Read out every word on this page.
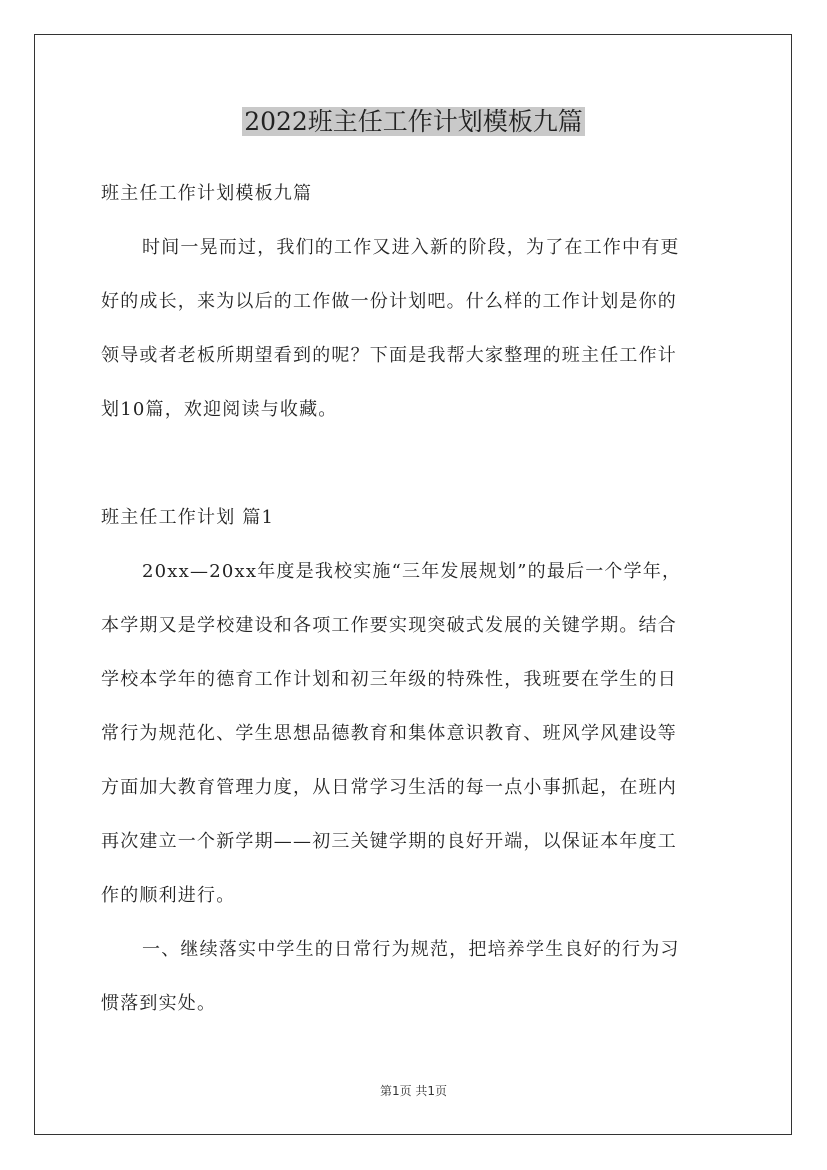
2022班主任工作计划模板九篇
班主任工作计划模板九篇
时间一晃而过，我们的工作又进入新的阶段，为了在工作中有更
好的成长，来为以后的工作做一份计划吧。什么样的工作计划是你的
领导或者老板所期望看到的呢？下面是我帮大家整理的班主任工作计
划10篇，欢迎阅读与收藏。
班主任工作计划 篇1
20xx—20xx年度是我校实施“三年发展规划”的最后一个学年，
本学期又是学校建设和各项工作要实现突破式发展的关键学期。结合
学校本学年的德育工作计划和初三年级的特殊性，我班要在学生的日
常行为规范化、学生思想品德教育和集体意识教育、班风学风建设等
方面加大教育管理力度，从日常学习生活的每一点小事抓起，在班内
再次建立一个新学期——初三关键学期的良好开端，以保证本年度工
作的顺利进行。
一、继续落实中学生的日常行为规范，把培养学生良好的行为习
惯落到实处。
第1页 共1页
